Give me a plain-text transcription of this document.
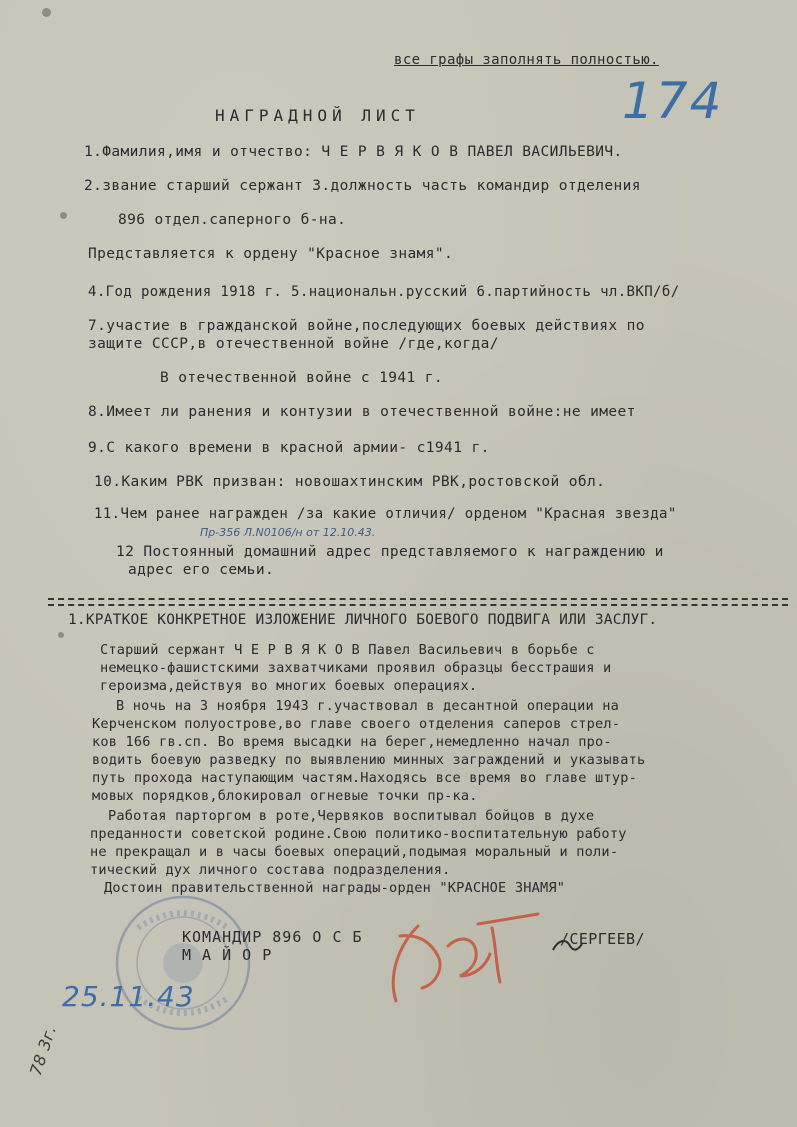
все графы заполнять полностью.
174
НАГРАДНОЙ ЛИСТ
1.Фамилия,имя и отчество: Ч Е Р В Я К О В ПАВЕЛ ВАСИЛЬЕВИЧ.
2.звание старший сержант 3.должность часть командир отделения
896 отдел.саперного б-на.
Представляется к ордену "Красное знамя".
4.Год рождения 1918 г. 5.национальн.русский 6.партийность чл.ВКП/б/
7.участие в гражданской войне,последующих боевых действиях по
защите СССР,в отечественной войне /где,когда/
В отечественной войне с 1941 г.
8.Имеет ли ранения и контузии в отечественной войне:не имеет
9.С какого времени в красной армии- с1941 г.
10.Каким РВК призван: новошахтинским РВК,ростовской обл.
11.Чем ранее награжден /за какие отличия/ орденом "Красная звезда"
Пр-356 Л.N0106/н от 12.10.43.
12 Постоянный домашний адрес представляемого к награждению и
адрес его семьи.
1.КРАТКОЕ КОНКРЕТНОЕ ИЗЛОЖЕНИЕ ЛИЧНОГО БОЕВОГО ПОДВИГА ИЛИ ЗАСЛУГ.
Старший сержант Ч Е Р В Я К О В Павел Васильевич в борьбе с
немецко-фашистскими захватчиками проявил образцы бесстрашия и
героизма,действуя во многих боевых операциях.
В ночь на 3 ноября 1943 г.участвовал в десантной операции на
Керченском полуострове,во главе своего отделения саперов стрел-
ков 166 гв.сп. Во время высадки на берег,немедленно начал про-
водить боевую разведку по выявлению минных заграждений и указывать
путь прохода наступающим частям.Находясь все время во главе штур-
мовых порядков,блокировал огневые точки пр-ка.
Работая парторгом в роте,Червяков воспитывал бойцов в духе
преданности советской родине.Свою политико-воспитательную работу
не прекращал и в часы боевых операций,подымая моральный и поли-
тический дух личного состава подразделения.
Достоин правительственной награды-орден "КРАСНОЕ ЗНАМЯ"
КОМАНДИР 896 О С Б
М А Й О Р
/СЕРГЕЕВ/
25.11.43
78 3г.
